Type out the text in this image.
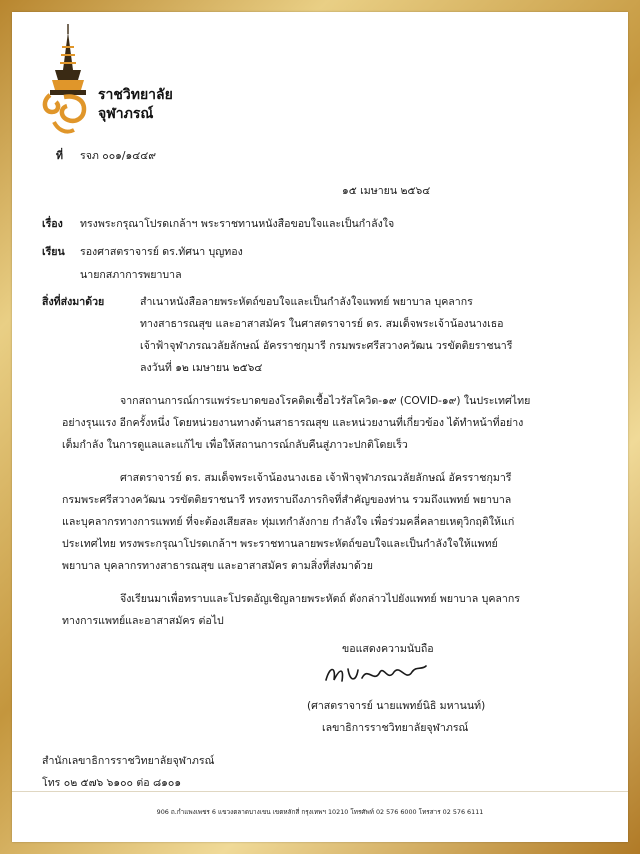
ราชวิทยาลัย
จุฬาภรณ์
ที่ รจภ ๐๐๑/๑๔๔๙
๑๕ เมษายน ๒๕๖๔
เรื่อง ทรงพระกรุณาโปรดเกล้าฯ พระราชทานหนังสือขอบใจและเป็นกำลังใจ
เรียน รองศาสตราจารย์ ดร.ทัศนา บุญทอง
นายกสภาการพยาบาล
สิ่งที่ส่งมาด้วย	สำเนาหนังสือลายพระหัตถ์ขอบใจและเป็นกำลังใจแพทย์ พยาบาล บุคลากร
ทางสาธารณสุข และอาสาสมัคร ในศาสตราจารย์ ดร. สมเด็จพระเจ้าน้องนางเธอ
เจ้าฟ้าจุฬาภรณวลัยลักษณ์ อัครราชกุมารี กรมพระศรีสวางควัฒน วรขัตติยราชนารี
ลงวันที่ ๑๒ เมษายน ๒๕๖๔
จากสถานการณ์การแพร่ระบาดของโรคติดเชื้อไวรัสโควิด-๑๙ (COVID-๑๙) ในประเทศไทย
อย่างรุนแรง อีกครั้งหนึ่ง โดยหน่วยงานทางด้านสาธารณสุข และหน่วยงานที่เกี่ยวข้อง ได้ทำหน้าที่อย่าง
เต็มกำลัง ในการดูแลและแก้ไข เพื่อให้สถานการณ์กลับคืนสู่ภาวะปกติโดยเร็ว
ศาสตราจารย์ ดร. สมเด็จพระเจ้าน้องนางเธอ เจ้าฟ้าจุฬาภรณวลัยลักษณ์ อัครราชกุมารี
กรมพระศรีสวางควัฒน วรขัตติยราชนารี ทรงทราบถึงภารกิจที่สำคัญของท่าน รวมถึงแพทย์ พยาบาล
และบุคลากรทางการแพทย์ ที่จะต้องเสียสละ ทุ่มเทกำลังกาย กำลังใจ เพื่อร่วมคลี่คลายเหตุวิกฤติให้แก่
ประเทศไทย ทรงพระกรุณาโปรดเกล้าฯ พระราชทานลายพระหัตถ์ขอบใจและเป็นกำลังใจให้แพทย์
พยาบาล บุคลากรทางสาธารณสุข และอาสาสมัคร ตามสิ่งที่ส่งมาด้วย
จึงเรียนมาเพื่อทราบและโปรดอัญเชิญลายพระหัตถ์ ดังกล่าวไปยังแพทย์ พยาบาล บุคลากร
ทางการแพทย์และอาสาสมัคร ต่อไป
ขอแสดงความนับถือ
(ศาสตราจารย์ นายแพทย์นิธิ มหานนท์)
เลขาธิการราชวิทยาลัยจุฬาภรณ์
สำนักเลขาธิการราชวิทยาลัยจุฬาภรณ์
โทร ๐๒ ๕๗๖ ๖๑๐๐ ต่อ ๘๑๐๑
906 ถ.กำแพงเพชร 6 แขวงตลาดบางเขน เขตหลักสี่ กรุงเทพฯ 10210 โทรศัพท์ 02 576 6000 โทรสาร 02 576 6111
